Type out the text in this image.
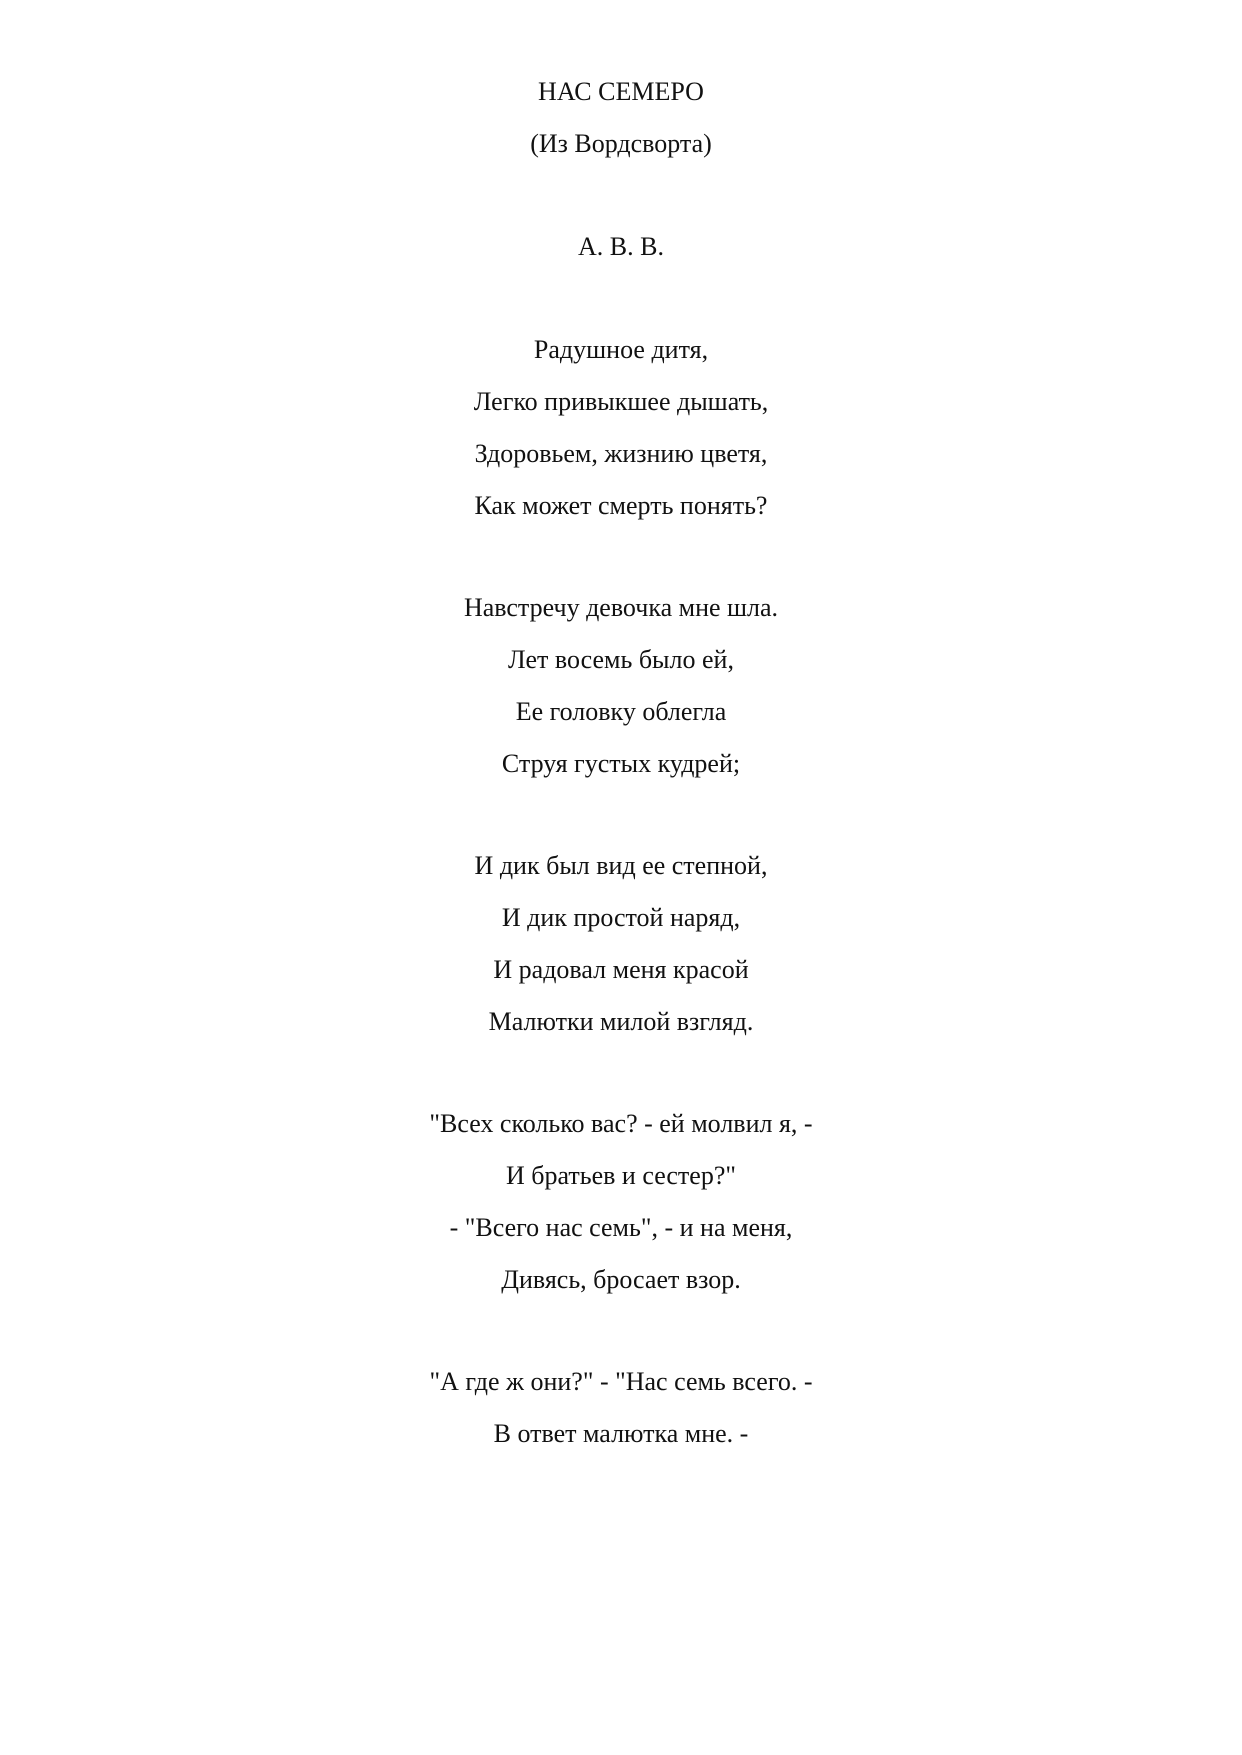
НАС СЕМЕРО
(Из Вордсворта)
А. В. В.
Радушное дитя,
Легко привыкшее дышать,
Здоровьем, жизнию цветя,
Как может смерть понять?
Навстречу девочка мне шла.
Лет восемь было ей,
Ее головку облегла
Струя густых кудрей;
И дик был вид ее степной,
И дик простой наряд,
И радовал меня красой
Малютки милой взгляд.
"Всех сколько вас? - ей молвил я, -
И братьев и сестер?"
- "Всего нас семь", - и на меня,
Дивясь, бросает взор.
"А где ж они?" - "Нас семь всего. -
В ответ малютка мне. -
